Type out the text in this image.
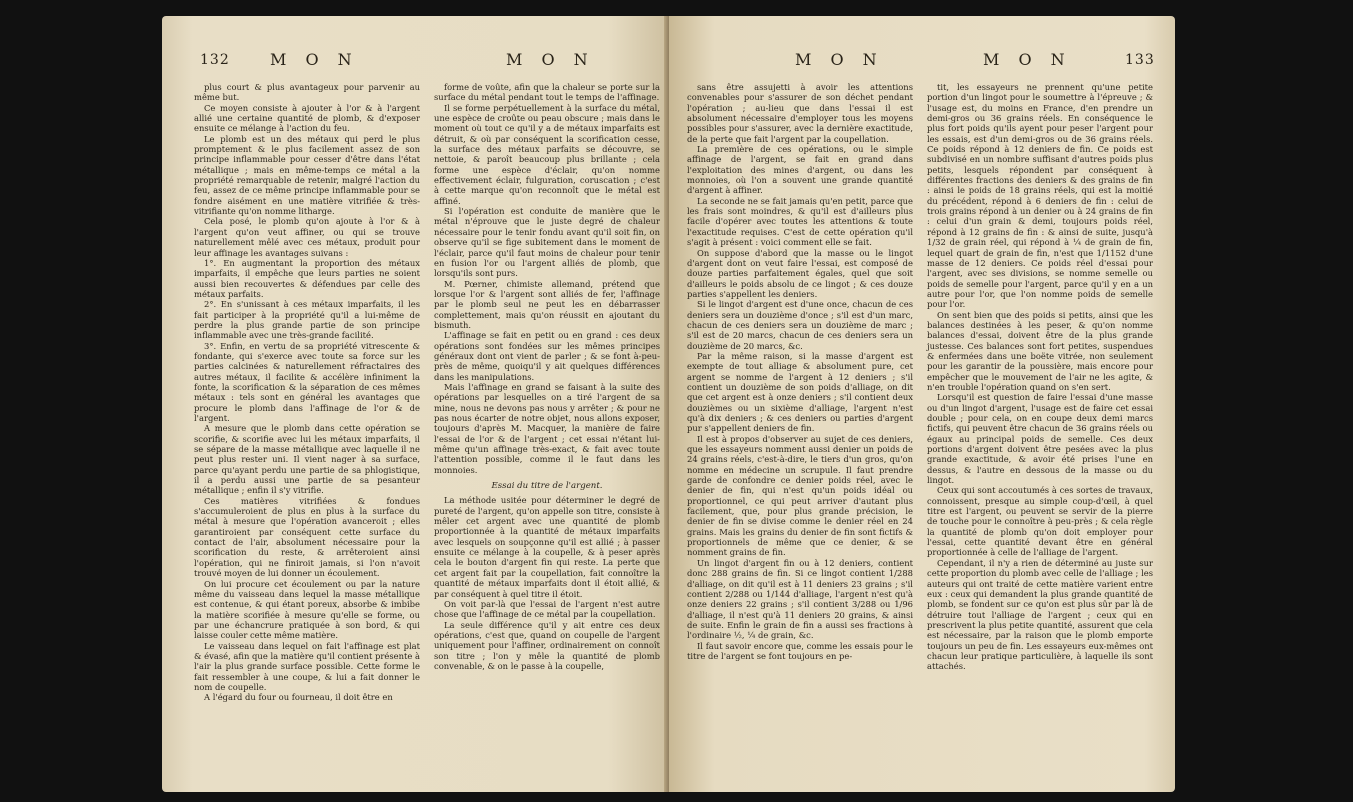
132	M O N	M O N

plus court & plus avantageux pour parvenir au même but.

Ce moyen consiste à ajouter à l'or & à l'argent allié une certaine quantité de plomb, & d'exposer ensuite ce mélange à l'action du feu.

Le plomb est un des métaux qui perd le plus promptement & le plus facilement assez de son principe inflammable pour cesser d'être dans l'état métallique ; mais en même-temps ce métal a la propriété remarquable de retenir, malgré l'action du feu, assez de ce même principe inflammable pour se fondre aisément en une matière vitrifiée & très-vitrifiante qu'on nomme litharge.

Cela posé, le plomb qu'on ajoute à l'or & à l'argent qu'on veut affiner, ou qui se trouve naturellement mêlé avec ces métaux, produit pour leur affinage les avantages suivans :

1°. En augmentant la proportion des métaux imparfaits, il empêche que leurs parties ne soient aussi bien recouvertes & défendues par celle des métaux parfaits.

2°. En s'unissant à ces métaux imparfaits, il les fait participer à la propriété qu'il a lui-même de perdre la plus grande partie de son principe inflammable avec une très-grande facilité.

3°. Enfin, en vertu de sa propriété vitrescente & fondante, qui s'exerce avec toute sa force sur les parties calcinées & naturellement réfractaires des autres métaux, il facilite & accélère infiniment la fonte, la scorification & la séparation de ces mêmes métaux : tels sont en général les avantages que procure le plomb dans l'affinage de l'or & de l'argent.

A mesure que le plomb dans cette opération se scorifie, & scorifie avec lui les métaux imparfaits, il se sépare de la masse métallique avec laquelle il ne peut plus rester uni. Il vient nager à sa surface, parce qu'ayant perdu une partie de sa phlogistique, il a perdu aussi une partie de sa pesanteur métallique ; enfin il s'y vitrifie.

Ces matières vitrifiées & fondues s'accumuleroient de plus en plus à la surface du métal à mesure que l'opération avanceroit ; elles garantiroient par conséquent cette surface du contact de l'air, absolument nécessaire pour la scorification du reste, & arrêteroient ainsi l'opération, qui ne finiroit jamais, si l'on n'avoit trouvé moyen de lui donner un écoulement.

On lui procure cet écoulement ou par la nature même du vaisseau dans lequel la masse métallique est contenue, & qui étant poreux, absorbe & imbibe la matière scorifiée à mesure qu'elle se forme, ou par une échancrure pratiquée à son bord, & qui laisse couler cette même matière.

Le vaisseau dans lequel on fait l'affinage est plat & évasé, afin que la matière qu'il contient présente à l'air la plus grande surface possible. Cette forme le fait ressembler à une coupe, & lui a fait donner le nom de coupelle.

A l'égard du four ou fourneau, il doit être en

forme de voûte, afin que la chaleur se porte sur la surface du métal pendant tout le temps de l'affinage.

Il se forme perpétuellement à la surface du métal, une espèce de croûte ou peau obscure ; mais dans le moment où tout ce qu'il y a de métaux imparfaits est détruit, & où par conséquent la scorification cesse, la surface des métaux parfaits se découvre, se nettoie, & paroît beaucoup plus brillante ; cela forme une espèce d'éclair, qu'on nomme effectivement éclair, fulguration, coruscation ; c'est à cette marque qu'on reconnoît que le métal est affiné.

Si l'opération est conduite de manière que le métal n'éprouve que le juste degré de chaleur nécessaire pour le tenir fondu avant qu'il soit fin, on observe qu'il se fige subitement dans le moment de l'éclair, parce qu'il faut moins de chaleur pour tenir en fusion l'or ou l'argent alliés de plomb, que lorsqu'ils sont purs.

M. Pœrner, chimiste allemand, prétend que lorsque l'or & l'argent sont alliés de fer, l'affinage par le plomb seul ne peut les en débarrasser complettement, mais qu'on réussit en ajoutant du bismuth.

L'affinage se fait en petit ou en grand : ces deux opérations sont fondées sur les mêmes principes généraux dont ont vient de parler ; & se font à-peu-près de même, quoiqu'il y ait quelques différences dans les manipulations.

Mais l'affinage en grand se faisant à la suite des opérations par lesquelles on a tiré l'argent de sa mine, nous ne devons pas nous y arrêter ; & pour ne pas nous écarter de notre objet, nous allons exposer, toujours d'après M. Macquer, la manière de faire l'essai de l'or & de l'argent ; cet essai n'étant lui-même qu'un affinage très-exact, & fait avec toute l'attention possible, comme il le faut dans les monnoies.

Essai du titre de l'argent.

La méthode usitée pour déterminer le degré de pureté de l'argent, qu'on appelle son titre, consiste à mêler cet argent avec une quantité de plomb proportionnée à la quantité de métaux imparfaits avec lesquels on soupçonne qu'il est allié ; à passer ensuite ce mélange à la coupelle, & à peser après cela le bouton d'argent fin qui reste. La perte que cet argent fait par la coupellation, fait connoître la quantité de métaux imparfaits dont il étoit allié, & par conséquent à quel titre il étoit.

On voit par-là que l'essai de l'argent n'est autre chose que l'affinage de ce métal par la coupellation.

La seule différence qu'il y ait entre ces deux opérations, c'est que, quand on coupelle de l'argent uniquement pour l'affiner, ordinairement on connoît son titre ; l'on y mêle la quantité de plomb convenable, & on le passe à la coupelle,

M O N	M O N	133

sans être assujetti à avoir les attentions convenables pour s'assurer de son déchet pendant l'opération ; au-lieu que dans l'essai il est absolument nécessaire d'employer tous les moyens possibles pour s'assurer, avec la dernière exactitude, de la perte que fait l'argent par la coupellation.

La première de ces opérations, ou le simple affinage de l'argent, se fait en grand dans l'exploitation des mines d'argent, ou dans les monnoies, où l'on a souvent une grande quantité d'argent à affiner.

La seconde ne se fait jamais qu'en petit, parce que les frais sont moindres, & qu'il est d'ailleurs plus facile d'opérer avec toutes les attentions & toute l'exactitude requises. C'est de cette opération qu'il s'agit à présent : voici comment elle se fait.

On suppose d'abord que la masse ou le lingot d'argent dont on veut faire l'essai, est composé de douze parties parfaitement égales, quel que soit d'ailleurs le poids absolu de ce lingot ; & ces douze parties s'appellent les deniers.

Si le lingot d'argent est d'une once, chacun de ces deniers sera un douzième d'once ; s'il est d'un marc, chacun de ces deniers sera un douzième de marc ; s'il est de 20 marcs, chacun de ces deniers sera un douzième de 20 marcs, &c.

Par la même raison, si la masse d'argent est exempte de tout alliage & absolument pure, cet argent se nomme de l'argent à 12 deniers ; s'il contient un douzième de son poids d'alliage, on dit que cet argent est à onze deniers ; s'il contient deux douzièmes ou un sixième d'alliage, l'argent n'est qu'à dix deniers ; & ces deniers ou parties d'argent pur s'appellent deniers de fin.

Il est à propos d'observer au sujet de ces deniers, que les essayeurs nomment aussi denier un poids de 24 grains réels, c'est-à-dire, le tiers d'un gros, qu'on nomme en médecine un scrupule. Il faut prendre garde de confondre ce denier poids réel, avec le denier de fin, qui n'est qu'un poids idéal ou proportionnel, ce qui peut arriver d'autant plus facilement, que, pour plus grande précision, le denier de fin se divise comme le denier réel en 24 grains. Mais les grains du denier de fin sont fictifs & proportionnels de même que ce denier, & se nomment grains de fin.

Un lingot d'argent fin ou à 12 deniers, contient donc 288 grains de fin. Si ce lingot contient 1/288 d'alliage, on dit qu'il est à 11 deniers 23 grains ; s'il contient 2/288 ou 1/144 d'alliage, l'argent n'est qu'à onze deniers 22 grains ; s'il contient 3/288 ou 1/96 d'alliage, il n'est qu'à 11 deniers 20 grains, & ainsi de suite. Enfin le grain de fin a aussi ses fractions à l'ordinaire ½, ¼ de grain, &c.

Il faut savoir encore que, comme les essais pour le titre de l'argent se font toujours en pe-

tit, les essayeurs ne prennent qu'une petite portion d'un lingot pour le soumettre à l'épreuve ; & l'usage est, du moins en France, d'en prendre un demi-gros ou 36 grains réels. En conséquence le plus fort poids qu'ils ayent pour peser l'argent pour les essais, est d'un demi-gros ou de 36 grains réels. Ce poids répond à 12 deniers de fin. Ce poids est subdivisé en un nombre suffisant d'autres poids plus petits, lesquels répondent par conséquent à différentes fractions des deniers & des grains de fin : ainsi le poids de 18 grains réels, qui est la moitié du précédent, répond à 6 deniers de fin : celui de trois grains répond à un denier ou à 24 grains de fin : celui d'un grain & demi, toujours poids réel, répond à 12 grains de fin : & ainsi de suite, jusqu'à 1/32 de grain réel, qui répond à ¼ de grain de fin, lequel quart de grain de fin, n'est que 1/1152 d'une masse de 12 deniers. Ce poids réel d'essai pour l'argent, avec ses divisions, se nomme semelle ou poids de semelle pour l'argent, parce qu'il y en a un autre pour l'or, que l'on nomme poids de semelle pour l'or.

On sent bien que des poids si petits, ainsi que les balances destinées à les peser, & qu'on nomme balances d'essai, doivent être de la plus grande justesse. Ces balances sont fort petites, suspendues & enfermées dans une boëte vitrée, non seulement pour les garantir de la poussière, mais encore pour empêcher que le mouvement de l'air ne les agite, & n'en trouble l'opération quand on s'en sert.

Lorsqu'il est question de faire l'essai d'une masse ou d'un lingot d'argent, l'usage est de faire cet essai double ; pour cela, on en coupe deux demi marcs fictifs, qui peuvent être chacun de 36 grains réels ou égaux au principal poids de semelle. Ces deux portions d'argent doivent être pesées avec la plus grande exactitude, & avoir été prises l'une en dessus, & l'autre en dessous de la masse ou du lingot.

Ceux qui sont accoutumés à ces sortes de travaux, connoissent, presque au simple coup-d'œil, à quel titre est l'argent, ou peuvent se servir de la pierre de touche pour le connoître à peu-près ; & cela règle la quantité de plomb qu'on doit employer pour l'essai, cette quantité devant être en général proportionnée à celle de l'alliage de l'argent.

Cependant, il n'y a rien de déterminé au juste sur cette proportion du plomb avec celle de l'alliage ; les auteurs qui ont traité de cette matière varient entre eux : ceux qui demandent la plus grande quantité de plomb, se fondent sur ce qu'on est plus sûr par là de détruire tout l'alliage de l'argent ; ceux qui en prescrivent la plus petite quantité, assurent que cela est nécessaire, par la raison que le plomb emporte toujours un peu de fin. Les essayeurs eux-mêmes ont chacun leur pratique particulière, à laquelle ils sont attachés.
